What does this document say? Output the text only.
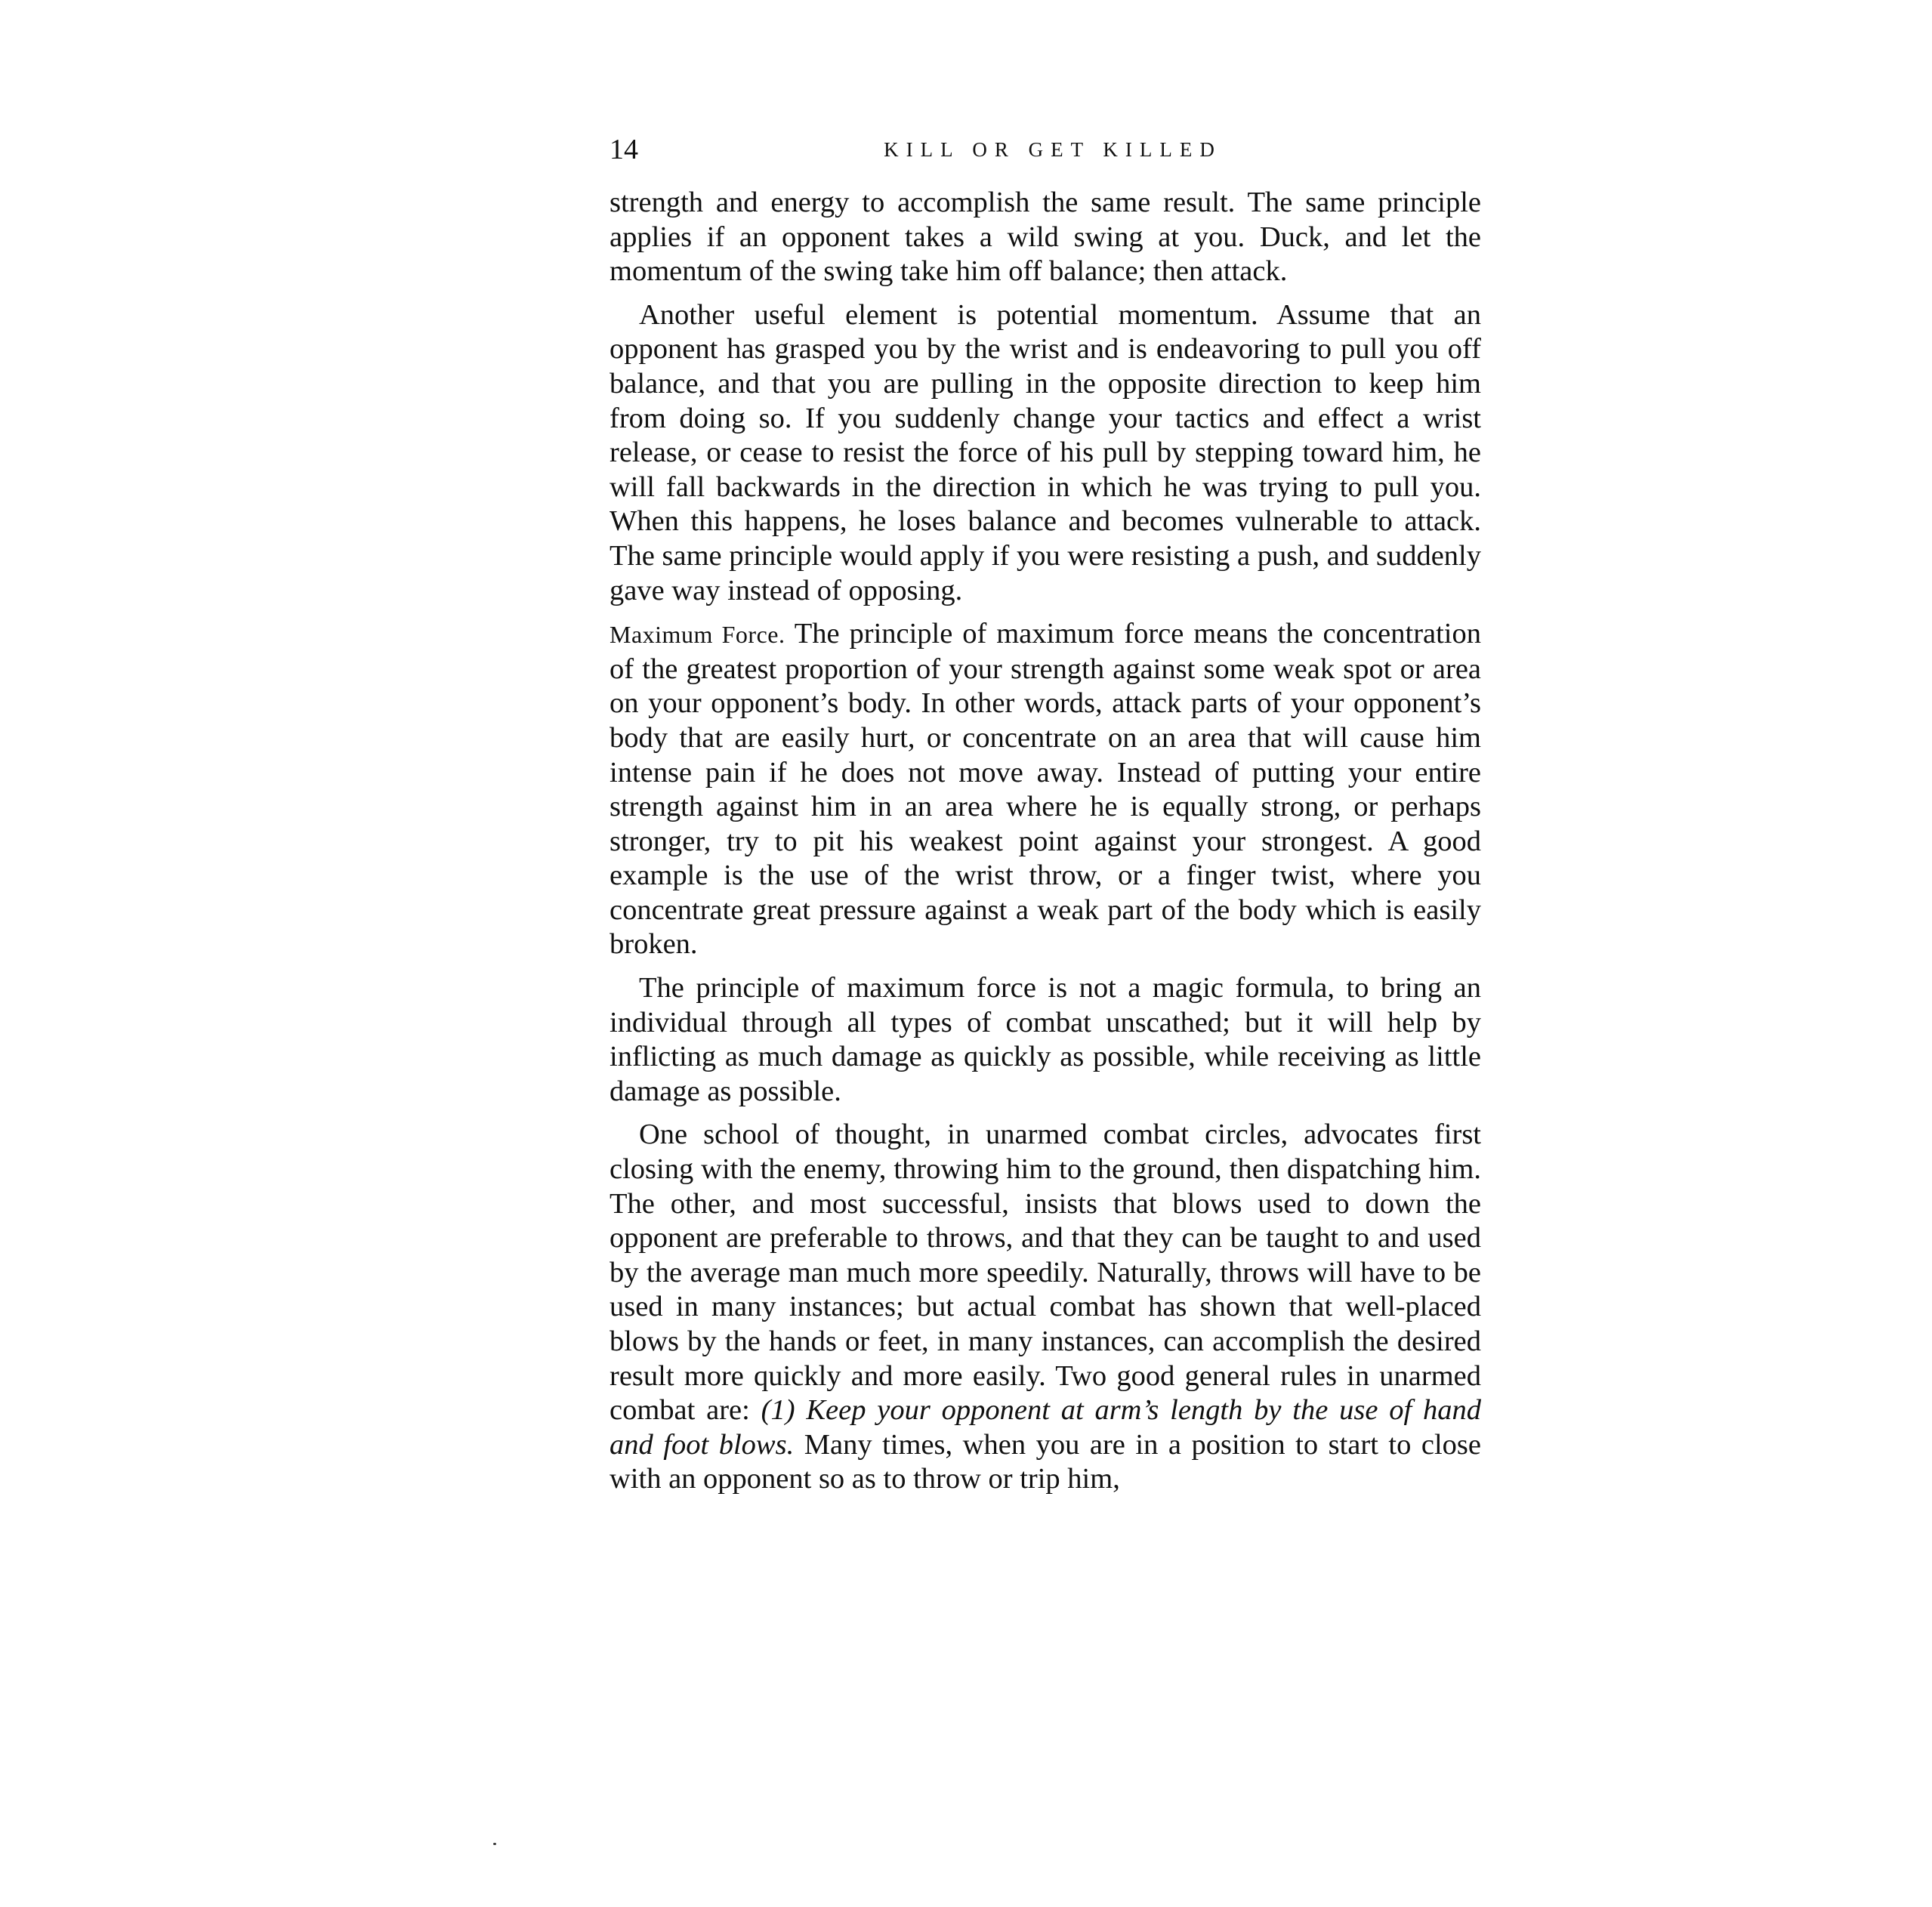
14	KILL OR GET KILLED

strength and energy to accomplish the same result. The same principle applies if an opponent takes a wild swing at you. Duck, and let the momentum of the swing take him off balance; then attack.

Another useful element is potential momentum. Assume that an opponent has grasped you by the wrist and is endeavoring to pull you off balance, and that you are pulling in the opposite direction to keep him from doing so. If you suddenly change your tactics and effect a wrist release, or cease to resist the force of his pull by stepping toward him, he will fall backwards in the direction in which he was trying to pull you. When this happens, he loses balance and becomes vulnerable to attack. The same principle would apply if you were resisting a push, and suddenly gave way instead of opposing.

Maximum Force. The principle of maximum force means the concentration of the greatest proportion of your strength against some weak spot or area on your opponent’s body. In other words, attack parts of your opponent’s body that are easily hurt, or concentrate on an area that will cause him intense pain if he does not move away. Instead of putting your entire strength against him in an area where he is equally strong, or perhaps stronger, try to pit his weakest point against your strongest. A good example is the use of the wrist throw, or a finger twist, where you concentrate great pressure against a weak part of the body which is easily broken.

The principle of maximum force is not a magic formula, to bring an individual through all types of combat unscathed; but it will help by inflicting as much damage as quickly as possible, while receiving as little damage as possible.

One school of thought, in unarmed combat circles, advocates first closing with the enemy, throwing him to the ground, then dispatching him. The other, and most successful, insists that blows used to down the opponent are preferable to throws, and that they can be taught to and used by the average man much more speedily. Naturally, throws will have to be used in many instances; but actual combat has shown that well-placed blows by the hands or feet, in many instances, can accomplish the desired result more quickly and more easily. Two good general rules in unarmed combat are: (1) Keep your opponent at arm’s length by the use of hand and foot blows. Many times, when you are in a position to start to close with an opponent so as to throw or trip him,
